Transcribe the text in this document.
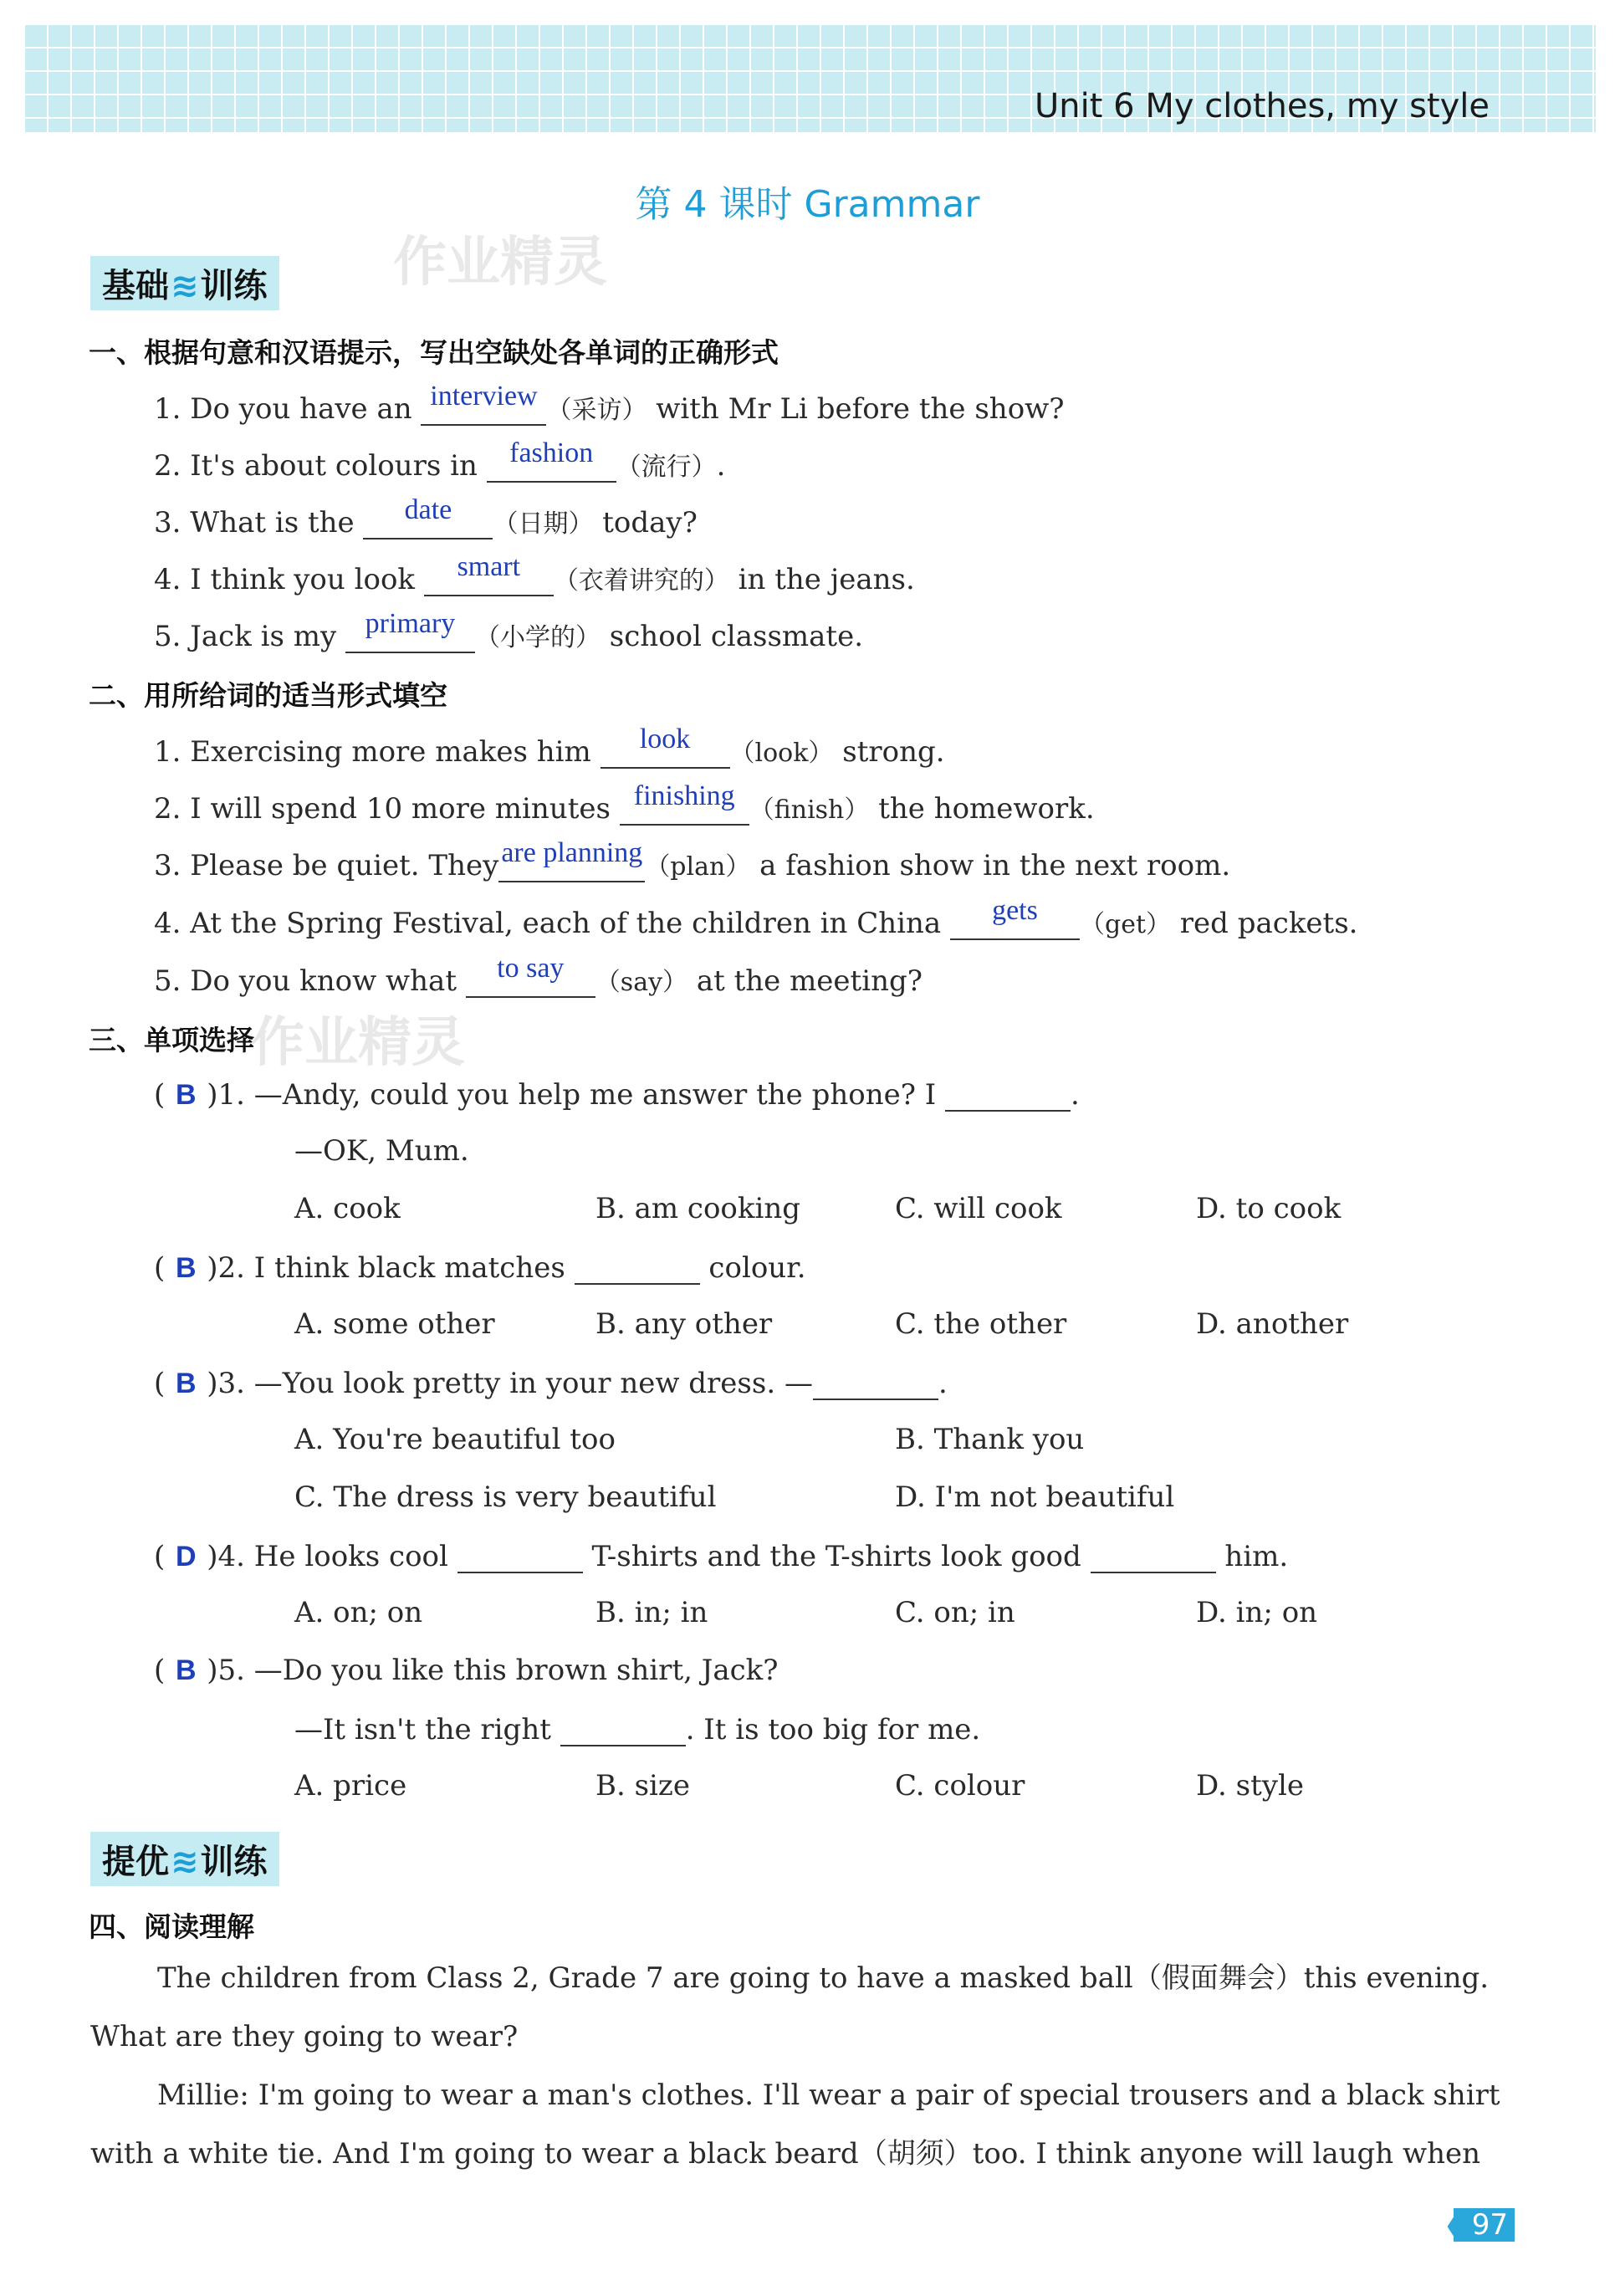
Unit 6 My clothes, my style
第 4 课时 Grammar
作业精灵
作业精灵
基础≋训练
一、根据句意和汉语提示，写出空缺处各单词的正确形式
1. Do you have an interview （采访） with Mr Li before the show?
2. It's about colours in fashion （流行）.
3. What is the	date	（日期） today?
4. I think you look	smart	（衣着讲究的） in the jeans.
5. Jack is my primary （小学的） school classmate.
二、用所给词的适当形式填空
1. Exercising more makes him	look	（look） strong.
2. I will spend 10 more minutes finishing （finish） the homework.
3. Please be quiet. They are planning （plan） a fashion show in the next room.
4. At the Spring Festival, each of the children in China	gets	（get） red packets.
5. Do you know what	to say	（say） at the meeting?
三、单项选择
( B )1. —Andy, could you help me answer the phone? I	.
—OK, Mum.
A. cook	B. am cooking	C. will cook	D. to cook
( B )2. I think black matches	colour.
A. some other	B. any other	C. the other	D. another
( B )3. —You look pretty in your new dress. —	.
A. You're beautiful too	B. Thank you
C. The dress is very beautiful	D. I'm not beautiful
( D )4. He looks cool	T-shirts and the T-shirts look good	him.
A. on; on	B. in; in	C. on; in	D. in; on
( B )5. —Do you like this brown shirt, Jack?
—It isn't the right	. It is too big for me.
A. price	B. size	C. colour	D. style
提优≋训练
四、阅读理解
The children from Class 2, Grade 7 are going to have a masked ball（假面舞会）this evening.
What are they going to wear?
Millie: I'm going to wear a man's clothes. I'll wear a pair of special trousers and a black shirt
with a white tie. And I'm going to wear a black beard（胡须）too. I think anyone will laugh when
❮ 97
